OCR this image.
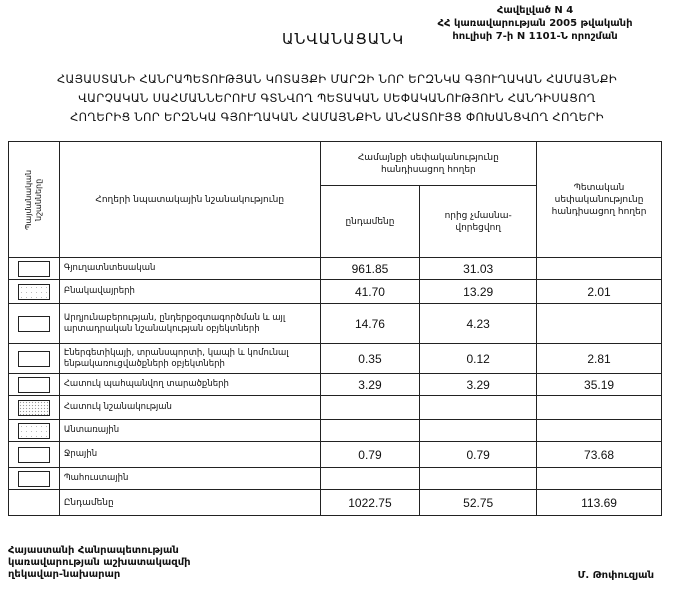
ԱՆՎԱՆԱՑԱՆԿ
Հավելված N 4
ՀՀ կառավարության 2005 թվականի
հուլիսի 7-ի N 1101-Ն որոշման
ՀԱՅԱՍՏԱՆԻ ՀԱՆՐԱՊԵՏՈՒԹՅԱՆ ԿՈՏԱՅՔԻ ՄԱՐԶԻ ՆՈՐ ԵՐԶՆԿԱ ԳՅՈՒՂԱԿԱՆ ՀԱՄԱՅՆՔԻ
ՎԱՐՉԱԿԱՆ ՍԱՀՄԱՆՆԵՐՈՒՄ ԳՏՆՎՈՂ ՊԵՏԱԿԱՆ ՍԵՓԱԿԱՆՈՒԹՅՈՒՆ ՀԱՆԴԻՍԱՑՈՂ
ՀՈՂԵՐԻՑ ՆՈՐ ԵՐԶՆԿԱ ԳՅՈՒՂԱԿԱՆ ՀԱՄԱՅՆՔԻՆ ԱՆՀԱՏՈՒՅՑ ՓՈԽԱՆՑՎՈՂ ՀՈՂԵՐԻ
Պայմանական նշանները	Հողերի նպատակային նշանակությունը	Համայնքի սեփականությունը հանդիսացող հողեր		Պետական սեփականությունը հանդիսացող հողեր
		ընդամենը	որից չմասնա- վորեցվող	
	Գյուղատնտեսական	961.85	31.03	
	Բնակավայրերի	41.70	13.29	2.01
	Արդյունաբերության, ընդերքօգտագործման և այլ արտադրական նշանակության օբյեկտների	14.76	4.23	
	Էներգետիկայի, տրանսպորտի, կապի և կոմունալ ենթակառուցվածքների օբյեկտների	0.35	0.12	2.81
	Հատուկ պահպանվող տարածքների	3.29	3.29	35.19
	Հատուկ նշանակության			
	Անտառային			
	Ջրային	0.79	0.79	73.68
	Պահուստային			
	Ընդամենը	1022.75	52.75	113.69
Հայաստանի Հանրապետության
կառավարության աշխատակազմի
ղեկավար-նախարար	Մ. Թոփուզյան
